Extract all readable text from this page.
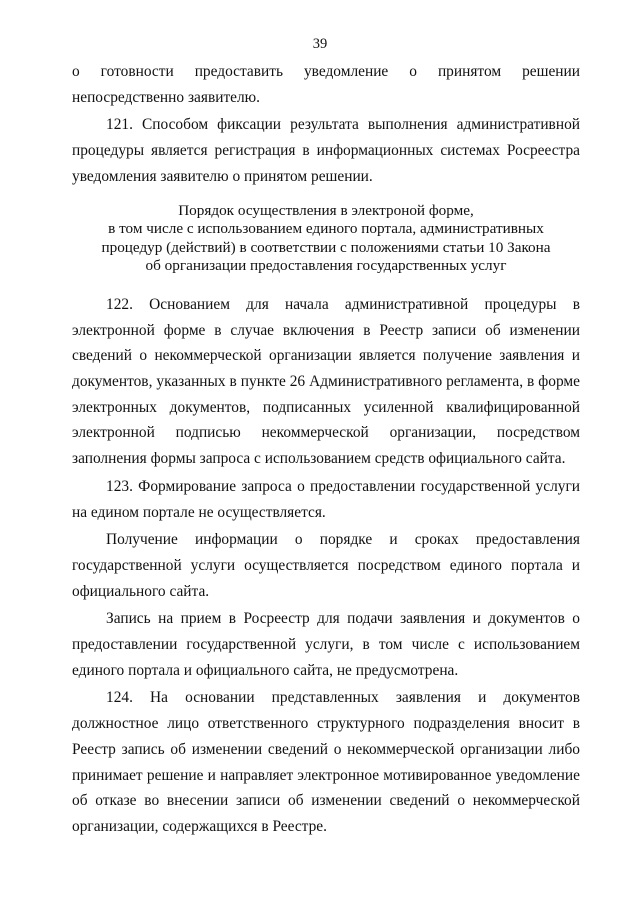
39

о готовности предоставить уведомление о принятом решении непосредственно заявителю.

121. Способом фиксации результата выполнения административной процедуры является регистрация в информационных системах Росреестра уведомления заявителю о принятом решении.

Порядок осуществления в электроной форме,
в том числе с использованием единого портала, административных
процедур (действий) в соответствии с положениями статьи 10 Закона
об организации предоставления государственных услуг

122. Основанием для начала административной процедуры в электронной форме в случае включения в Реестр записи об изменении сведений о некоммерческой организации является получение заявления и документов, указанных в пункте 26 Административного регламента, в форме электронных документов, подписанных усиленной квалифицированной электронной подписью некоммерческой организации, посредством заполнения формы запроса с использованием средств официального сайта.

123. Формирование запроса о предоставлении государственной услуги на едином портале не осуществляется.

Получение информации о порядке и сроках предоставления государственной услуги осуществляется посредством единого портала и официального сайта.

Запись на прием в Росреестр для подачи заявления и документов о предоставлении государственной услуги, в том числе с использованием единого портала и официального сайта, не предусмотрена.

124. На основании представленных заявления и документов должностное лицо ответственного структурного подразделения вносит в Реестр запись об изменении сведений о некоммерческой организации либо принимает решение и направляет электронное мотивированное уведомление об отказе во внесении записи об изменении сведений о некоммерческой организации, содержащихся в Реестре.
